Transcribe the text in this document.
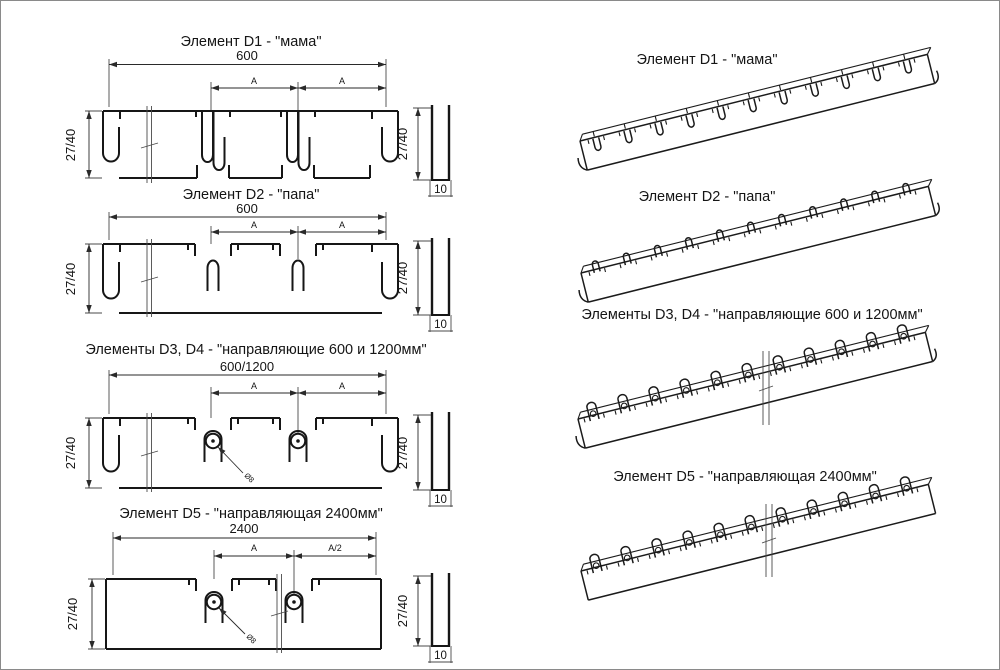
Элемент D1 - "мама"
600
A	A
27/40	27/40
10
Элемент D2 - "папа"
600
A	A
27/40	27/40
10
Элементы D3, D4 - "направляющие 600 и 1200мм"
600/1200
A	A
Ø8
27/40	27/40
10
Элемент D5 - "направляющая 2400мм"
2400
A	A/2
Ø8
27/40	27/40
10
Элемент D1 - "мама"
Элемент D2 - "папа"
Элементы D3, D4 - "направляющие 600 и 1200мм"
Элемент D5 - "направляющая 2400мм"
